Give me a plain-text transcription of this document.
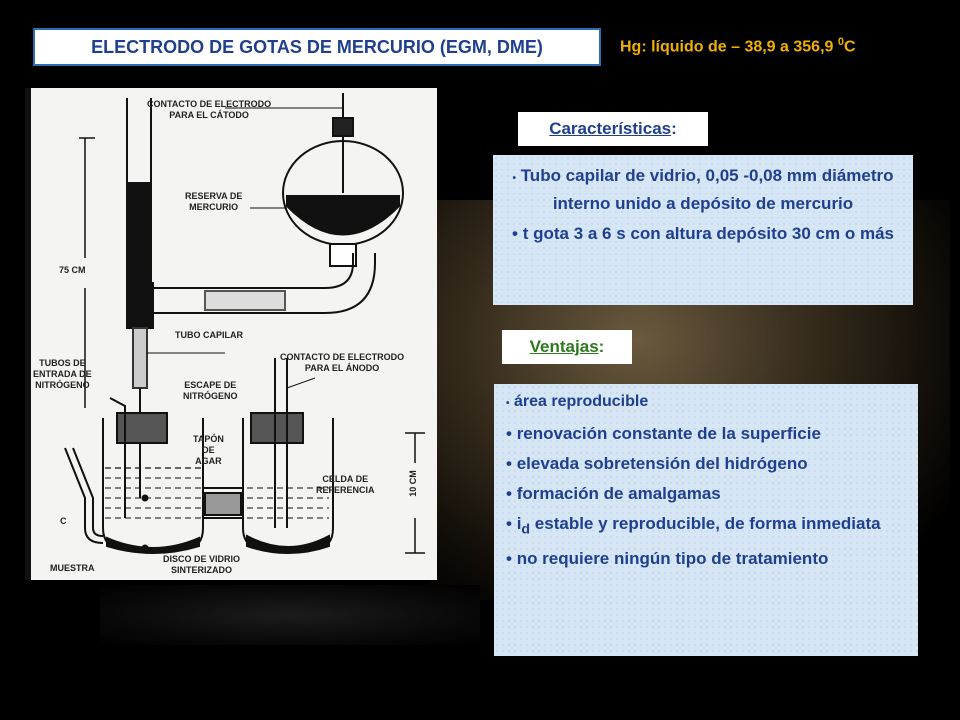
ELECTRODO DE GOTAS DE MERCURIO (EGM, DME)	Hg: líquido de – 38,9 a 356,9 $^0$C
CONTACTO DE ELECTRODO
PARA EL CÁTODO
RESERVA DE
MERCURIO
75 CM
TUBO CAPILAR
TUBOS DE
ENTRADA DE
NITRÓGENO
CONTACTO DE ELECTRODO
PARA EL ÁNODO
ESCAPE DE
NITRÓGENO
TAPÓN
DE
AGAR
CELDA DE
REFERENCIA	10 CM
C
MUESTRA
DISCO DE VIDRIO
SINTERIZADO
Características :

• Tubo capilar de vidrio, 0,05 -0,08 mm diámetro interno unido a depósito de mercurio

• t gota 3 a 6 s con altura depósito 30 cm o más

Ventajas :

• área reproducible

• renovación constante de la superficie

• elevada sobretensión del hidrógeno

• formación de amalgamas

• $i_d$ estable y reproducible, de forma inmediata

• no requiere ningún tipo de tratamiento
